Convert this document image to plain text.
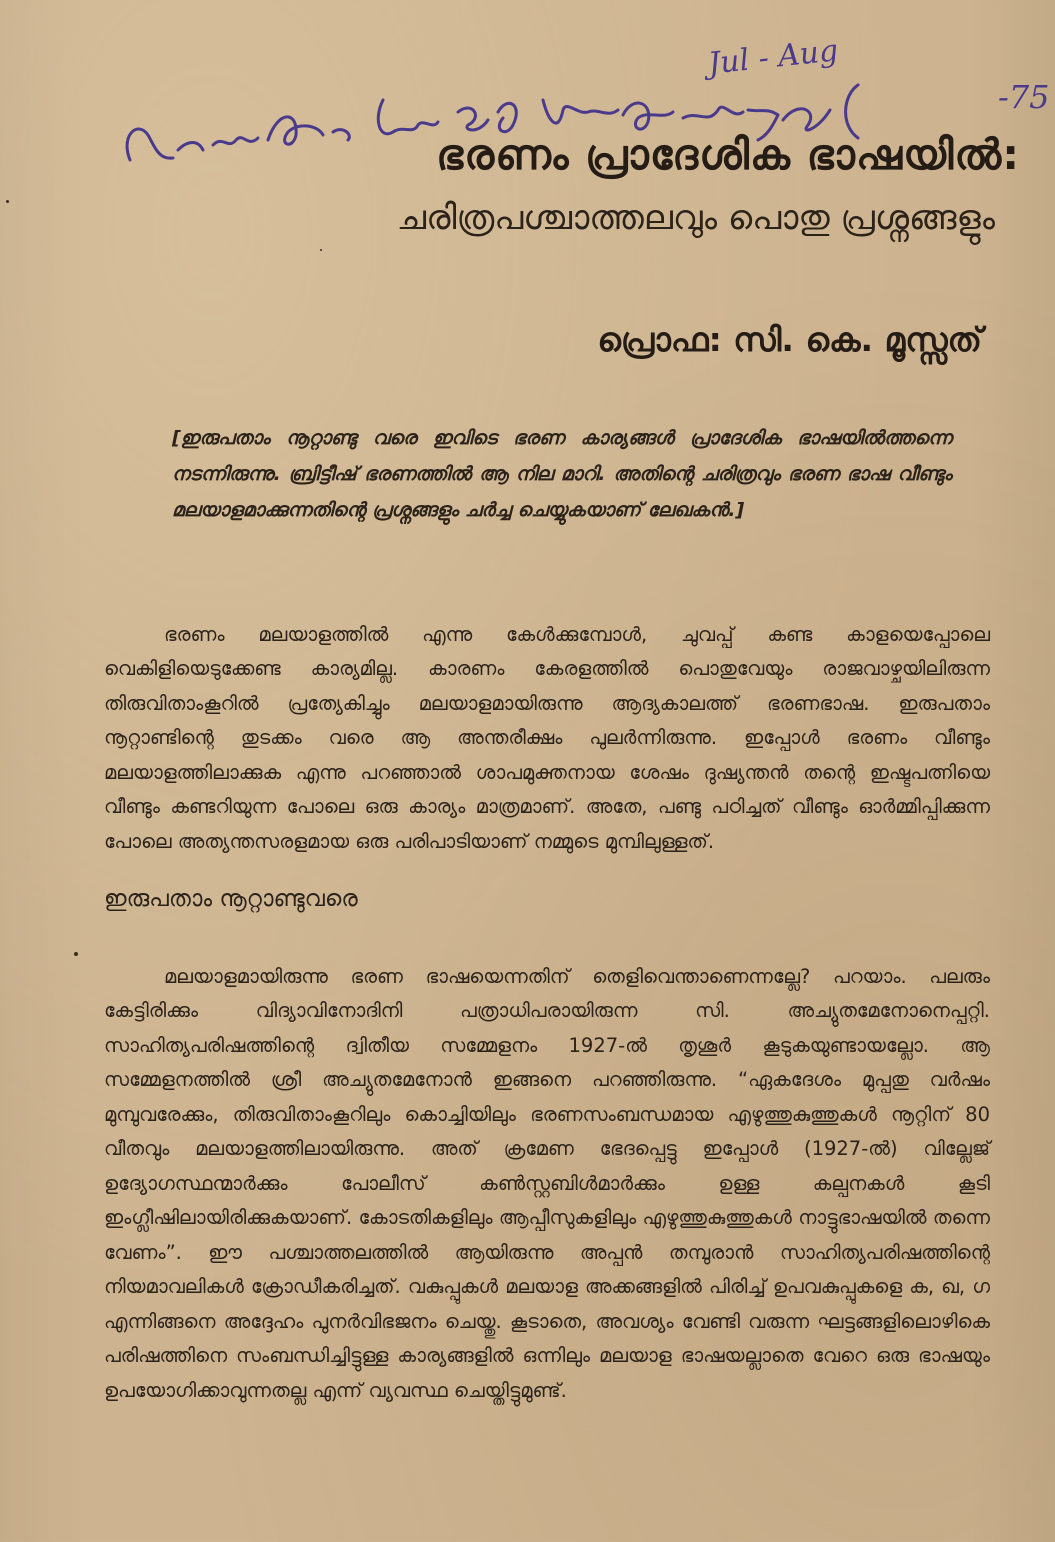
Jul - Aug
-75
ഭരണം പ്രാദേശിക ഭാഷയിൽ:
ചരിത്രപശ്ചാത്തലവും പൊതു പ്രശ്നങ്ങളും
പ്രൊഫ: സി. കെ. മൂസ്സത്
[ഇരുപതാം നൂറ്റാണ്ടു വരെ ഇവിടെ ഭരണ കാര്യങ്ങൾ പ്രാദേശിക ഭാഷയിൽത്തന്നെ നടന്നിരുന്നു. ബ്രിട്ടീഷ് ഭരണത്തിൽ ആ നില മാറി. അതിന്റെ ചരിത്രവും ഭരണ ഭാഷ വീണ്ടും മലയാളമാക്കുന്നതിന്റെ പ്രശ്നങ്ങളും ചർച്ച ചെയ്യുകയാണ് ലേഖകൻ.]

ഭരണം മലയാളത്തിൽ എന്നു കേൾക്കുമ്പോൾ, ചുവപ്പ് കണ്ട കാളയെപ്പോലെ വെകിളിയെടുക്കേണ്ട കാര്യമില്ല. കാരണം കേരളത്തിൽ പൊതുവേയും രാജവാഴ്ചയിലിരുന്ന തിരുവിതാംകൂറിൽ പ്രത്യേകിച്ചും മലയാളമായിരുന്നു ആദ്യകാലത്ത് ഭരണഭാഷ. ഇരുപതാം നൂറ്റാണ്ടിന്റെ തുടക്കം വരെ ആ അന്തരീക്ഷം പുലർന്നിരുന്നു. ഇപ്പോൾ ഭരണം വീണ്ടും മലയാളത്തിലാക്കുക എന്നു പറഞ്ഞാൽ ശാപമുക്തനായ ശേഷം ദുഷ്യന്തൻ തന്റെ ഇഷ്ടപത്നിയെ വീണ്ടും കണ്ടറിയുന്ന പോലെ ഒരു കാര്യം മാത്രമാണ്. അതേ, പണ്ടു പഠിച്ചത് വീണ്ടും ഓർമ്മിപ്പിക്കുന്ന പോലെ അത്യന്തസരളമായ ഒരു പരിപാടിയാണ് നമ്മുടെ മുമ്പിലുള്ളത്.

ഇരുപതാം നൂറ്റാണ്ടുവരെ

മലയാളമായിരുന്നു ഭരണ ഭാഷയെന്നതിന് തെളിവെന്താണെന്നല്ലേ? പറയാം. പലരും കേട്ടിരിക്കും വിദ്യാവിനോദിനി പത്രാധിപരായിരുന്ന സി. അച്യുതമേനോനെപ്പറ്റി. സാഹിത്യപരിഷത്തിന്റെ ദ്വിതീയ സമ്മേളനം 1927-ൽ തൃശൂർ കൂടുകയുണ്ടായല്ലോ. ആ സമ്മേളനത്തിൽ ശ്രീ അച്യുതമേനോൻ ഇങ്ങനെ പറഞ്ഞിരുന്നു. “ഏകദേശം മുപ്പതു വർഷം മുമ്പുവരേക്കും, തിരുവിതാംകൂറിലും കൊച്ചിയിലും ഭരണസംബന്ധമായ എഴുത്തുകുത്തുകൾ നൂറ്റിന് 80 വീതവും മലയാളത്തിലായിരുന്നു. അത് ക്രമേണ ഭേദപ്പെട്ടു ഇപ്പോൾ (1927-ൽ) വില്ലേജ് ഉദ്യോഗസ്ഥന്മാർക്കും പോലീസ് കൺസ്റ്റബിൾമാർക്കും ഉള്ള കല്പനകൾ കൂടി ഇംഗ്ലീഷിലായിരിക്കുകയാണ്. കോടതികളിലും ആപ്പീസുകളിലും എഴുത്തുകുത്തുകൾ നാട്ടുഭാഷയിൽ തന്നെ വേണം”. ഈ പശ്ചാത്തലത്തിൽ ആയിരുന്നു അപ്പൻ തമ്പുരാൻ സാഹിത്യപരിഷത്തിന്റെ നിയമാവലികൾ ക്രോഡീകരിച്ചത്. വകുപ്പുകൾ മലയാള അക്കങ്ങളിൽ പിരിച്ച് ഉപവകുപ്പുകളെ ക, ഖ, ഗ എന്നിങ്ങനെ അദ്ദേഹം പുനർവിഭജനം ചെയ്തു. കൂടാതെ, അവശ്യം വേണ്ടി വരുന്ന ഘട്ടങ്ങളിലൊഴികെ പരിഷത്തിനെ സംബന്ധിച്ചിട്ടുള്ള കാര്യങ്ങളിൽ ഒന്നിലും മലയാള ഭാഷയല്ലാതെ വേറെ ഒരു ഭാഷയും ഉപയോഗിക്കാവുന്നതല്ല എന്ന് വ്യവസ്ഥ ചെയ്തിട്ടുമുണ്ട്.
